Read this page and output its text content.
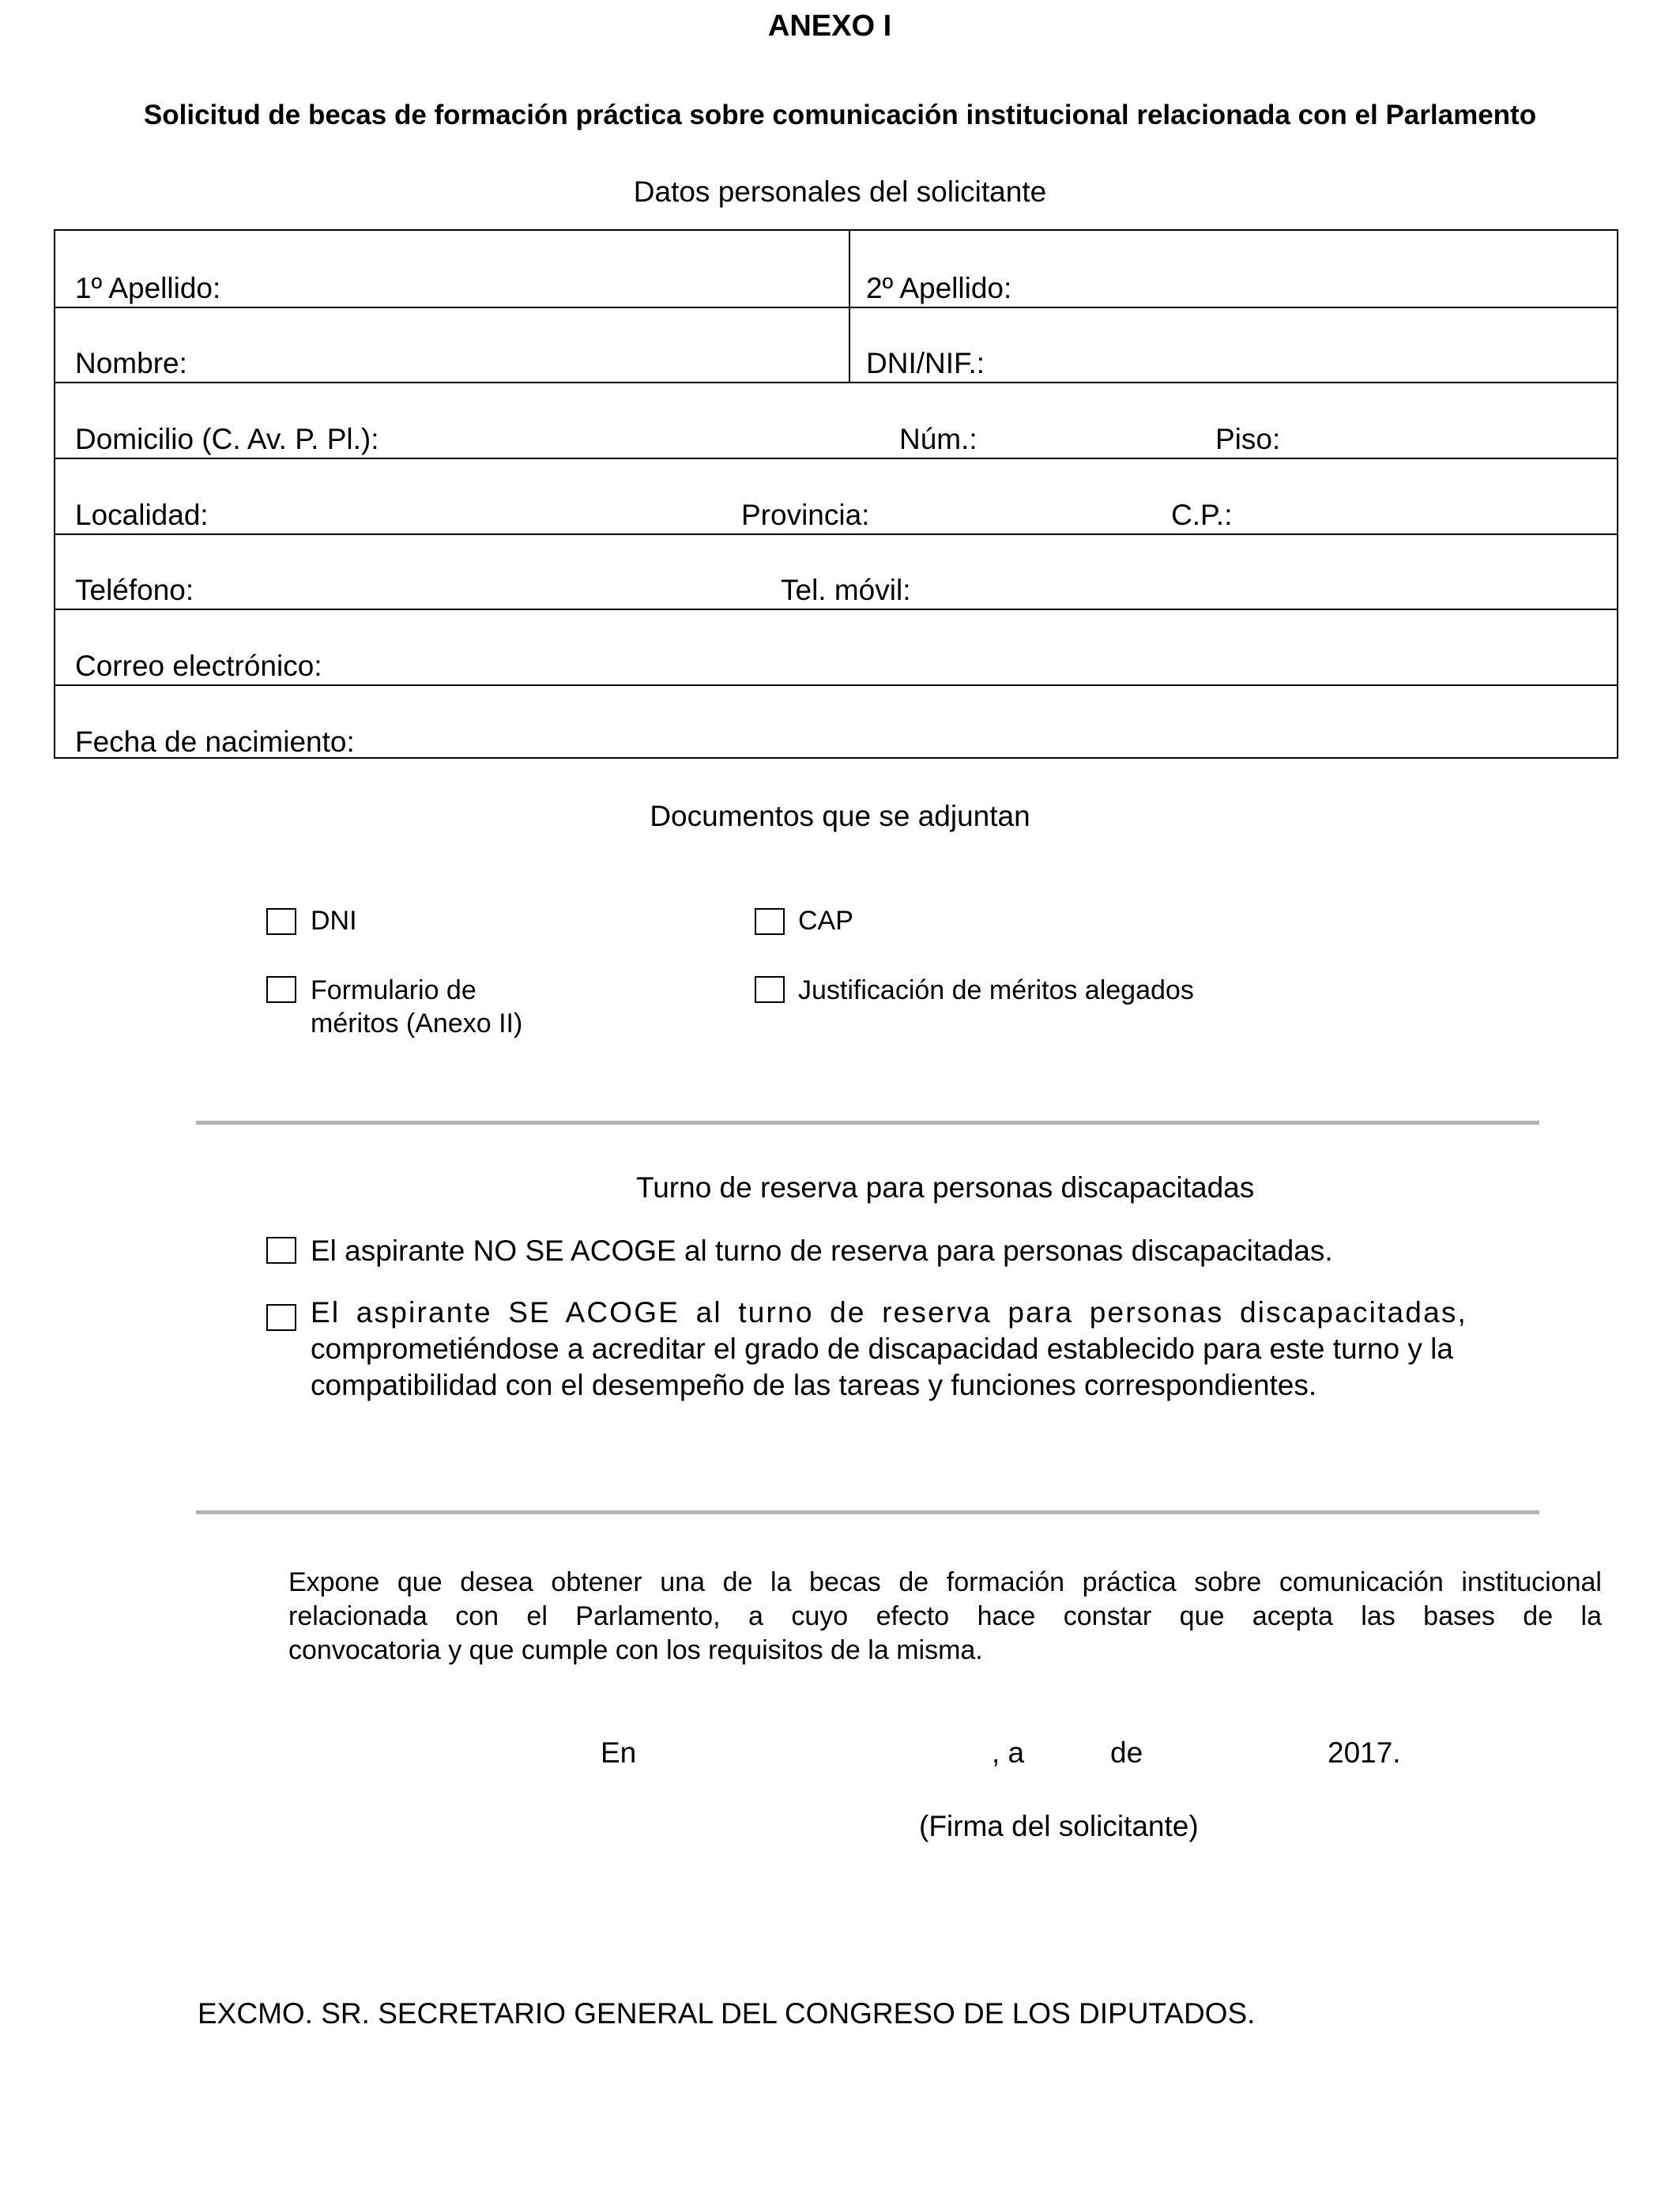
ANEXO I
Solicitud de becas de formación práctica sobre comunicación institucional relacionada con el Parlamento
Datos personales del solicitante
1º Apellido:	2º Apellido:
Nombre:	DNI/NIF.:
Domicilio (C. Av. P. Pl.):	Núm.:	Piso:
Localidad:	Provincia:	C.P.:
Teléfono:	Tel. móvil:
Correo electrónico:
Fecha de nacimiento:
Documentos que se adjuntan
DNI	CAP
Formulario de
méritos (Anexo II)
Justificación de méritos alegados
Turno de reserva para personas discapacitadas
El aspirante NO SE ACOGE al turno de reserva para personas discapacitadas.
El aspirante SE ACOGE al turno de reserva para personas discapacitadas,
comprometiéndose a acreditar el grado de discapacidad establecido para este turno y la
compatibilidad con el desempeño de las tareas y funciones correspondientes.
Expone que desea obtener una de la becas de formación práctica sobre comunicación institucional
relacionada con el Parlamento, a cuyo efecto hace constar que acepta las bases de la
convocatoria y que cumple con los requisitos de la misma.
En	, a	de	2017.
(Firma del solicitante)
EXCMO. SR. SECRETARIO GENERAL DEL CONGRESO DE LOS DIPUTADOS.
